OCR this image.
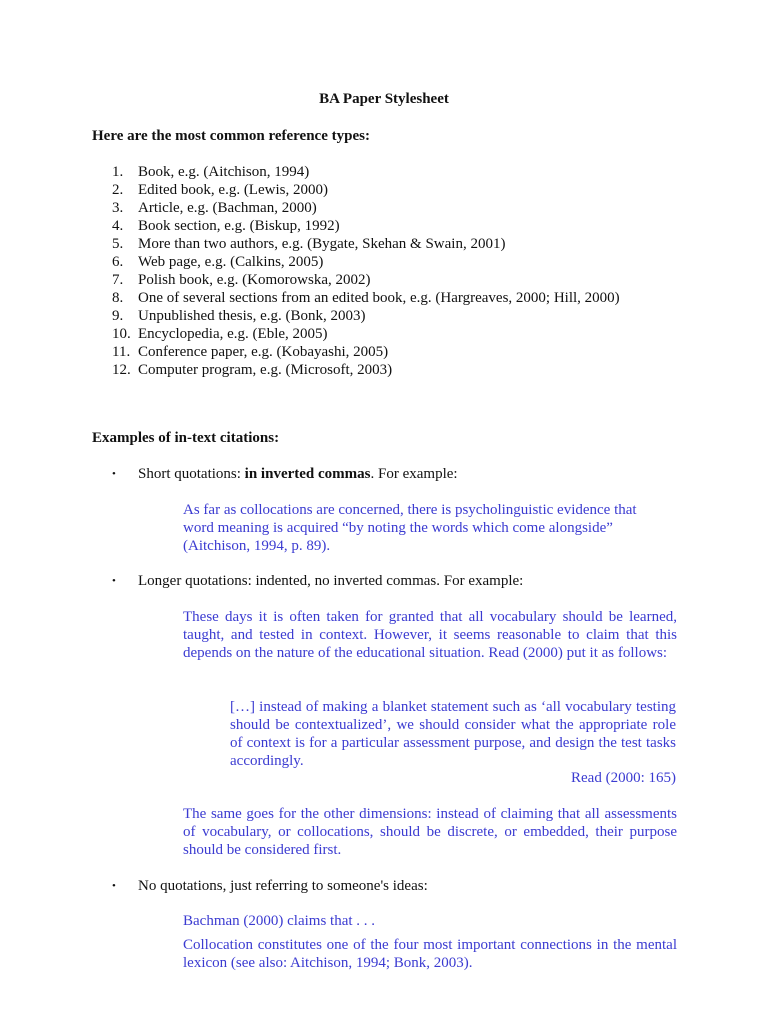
BA Paper Stylesheet
Here are the most common reference types:
1. Book, e.g. (Aitchison, 1994)
2. Edited book, e.g. (Lewis, 2000)
3. Article, e.g. (Bachman, 2000)
4. Book section, e.g. (Biskup, 1992)
5. More than two authors, e.g. (Bygate, Skehan & Swain, 2001)
6. Web page, e.g. (Calkins, 2005)
7. Polish book, e.g. (Komorowska, 2002)
8. One of several sections from an edited book, e.g. (Hargreaves, 2000; Hill, 2000)
9. Unpublished thesis, e.g. (Bonk, 2003)
10. Encyclopedia, e.g. (Eble, 2005)
11. Conference paper, e.g. (Kobayashi, 2005)
12. Computer program, e.g. (Microsoft, 2003)
Examples of in-text citations:
•	Short quotations: in inverted commas. For example:
As far as collocations are concerned, there is psycholinguistic evidence that word meaning is acquired “by noting the words which come alongside” (Aitchison, 1994, p. 89).
•	Longer quotations: indented, no inverted commas. For example:
These days it is often taken for granted that all vocabulary should be learned, taught, and tested in context. However, it seems reasonable to claim that this depends on the nature of the educational situation. Read (2000) put it as follows:
[…] instead of making a blanket statement such as ‘all vocabulary testing should be contextualized’, we should consider what the appropriate role of context is for a particular assessment purpose, and design the test tasks accordingly.
Read (2000: 165)
The same goes for the other dimensions: instead of claiming that all assessments of vocabulary, or collocations, should be discrete, or embedded, their purpose should be considered first.
•	No quotations, just referring to someone's ideas:
Bachman (2000) claims that . . .
Collocation constitutes one of the four most important connections in the mental lexicon (see also: Aitchison, 1994; Bonk, 2003).
